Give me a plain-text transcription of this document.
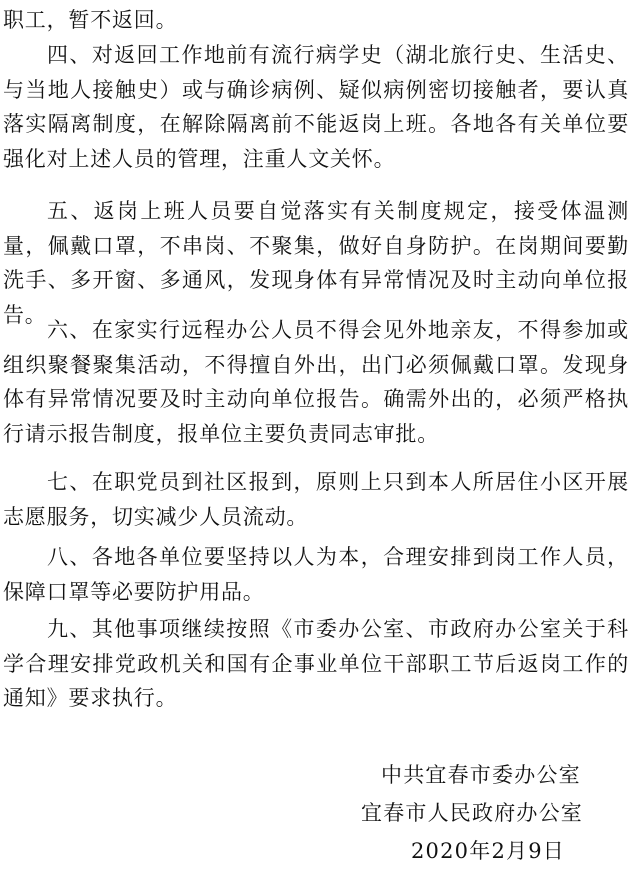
职工，暂不返回。
四、对返回工作地前有流行病学史（湖北旅行史、生活史、与当地人接触史）或与确诊病例、疑似病例密切接触者，要认真落实隔离制度，在解除隔离前不能返岗上班。各地各有关单位要强化对上述人员的管理，注重人文关怀。
五、返岗上班人员要自觉落实有关制度规定，接受体温测量，佩戴口罩，不串岗、不聚集，做好自身防护。在岗期间要勤洗手、多开窗、多通风，发现身体有异常情况及时主动向单位报告。
六、在家实行远程办公人员不得会见外地亲友，不得参加或组织聚餐聚集活动，不得擅自外出，出门必须佩戴口罩。发现身体有异常情况要及时主动向单位报告。确需外出的，必须严格执行请示报告制度，报单位主要负责同志审批。
七、在职党员到社区报到，原则上只到本人所居住小区开展志愿服务，切实减少人员流动。
八、各地各单位要坚持以人为本，合理安排到岗工作人员，保障口罩等必要防护用品。
九、其他事项继续按照《市委办公室、市政府办公室关于科学合理安排党政机关和国有企事业单位干部职工节后返岗工作的通知》要求执行。
中共宜春市委办公室
宜春市人民政府办公室
2020年2月9日
